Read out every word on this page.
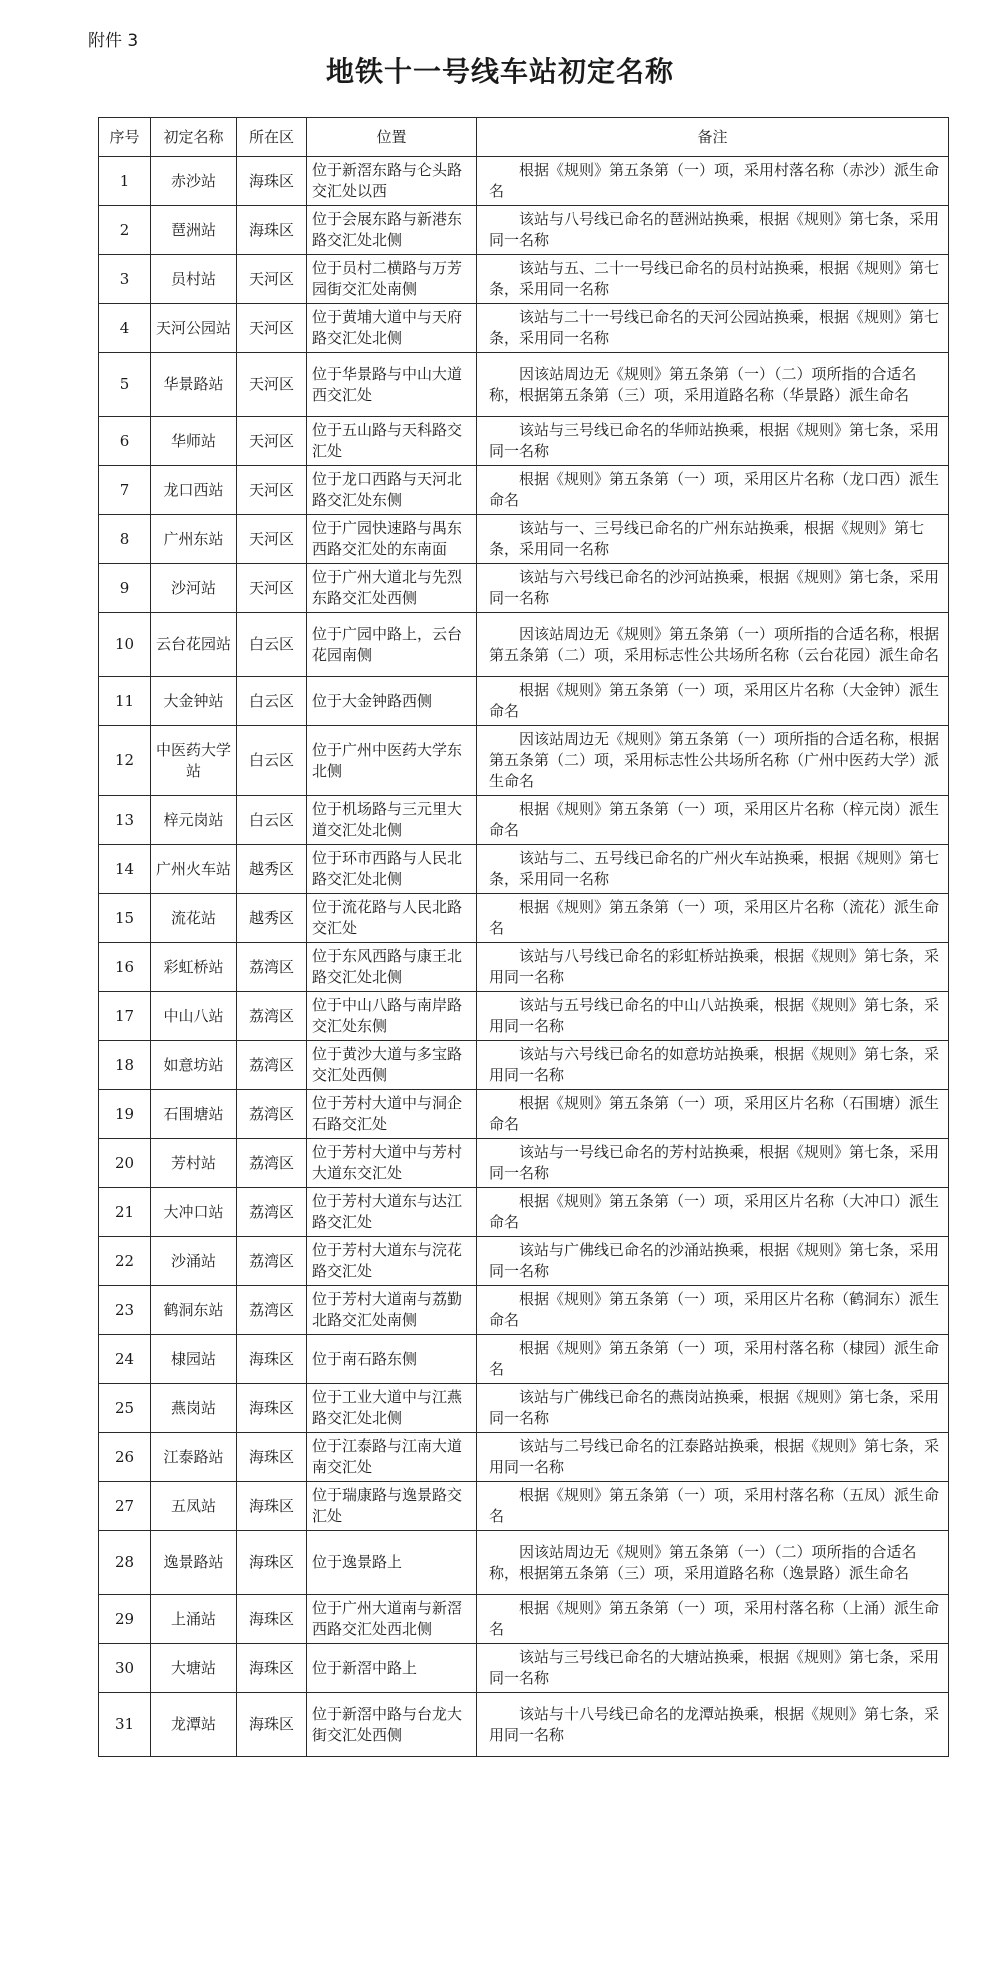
附件 3
地铁十一号线车站初定名称
序号	初定名称	所在区	位置	备注
1	赤沙站	海珠区	位于新滘东路与仑头路交汇处以西	根据《规则》第五条第（一）项，采用村落名称（赤沙）派生命名
2	琶洲站	海珠区	位于会展东路与新港东路交汇处北侧	该站与八号线已命名的琶洲站换乘，根据《规则》第七条，采用同一名称
3	员村站	天河区	位于员村二横路与万芳园街交汇处南侧	该站与五、二十一号线已命名的员村站换乘，根据《规则》第七条，采用同一名称
4	天河公园站	天河区	位于黄埔大道中与天府路交汇处北侧	该站与二十一号线已命名的天河公园站换乘，根据《规则》第七条，采用同一名称
5	华景路站	天河区	位于华景路与中山大道西交汇处	因该站周边无《规则》第五条第（一）（二）项所指的合适名称，根据第五条第（三）项，采用道路名称（华景路）派生命名
6	华师站	天河区	位于五山路与天科路交汇处	该站与三号线已命名的华师站换乘，根据《规则》第七条，采用同一名称
7	龙口西站	天河区	位于龙口西路与天河北路交汇处东侧	根据《规则》第五条第（一）项，采用区片名称（龙口西）派生命名
8	广州东站	天河区	位于广园快速路与禺东西路交汇处的东南面	该站与一、三号线已命名的广州东站换乘，根据《规则》第七条，采用同一名称
9	沙河站	天河区	位于广州大道北与先烈东路交汇处西侧	该站与六号线已命名的沙河站换乘，根据《规则》第七条，采用同一名称
10	云台花园站	白云区	位于广园中路上，云台花园南侧	因该站周边无《规则》第五条第（一）项所指的合适名称，根据第五条第（二）项，采用标志性公共场所名称（云台花园）派生命名
11	大金钟站	白云区	位于大金钟路西侧	根据《规则》第五条第（一）项，采用区片名称（大金钟）派生命名
12	中医药大学站	白云区	位于广州中医药大学东北侧	因该站周边无《规则》第五条第（一）项所指的合适名称，根据第五条第（二）项，采用标志性公共场所名称（广州中医药大学）派生命名
13	梓元岗站	白云区	位于机场路与三元里大道交汇处北侧	根据《规则》第五条第（一）项，采用区片名称（梓元岗）派生命名
14	广州火车站	越秀区	位于环市西路与人民北路交汇处北侧	该站与二、五号线已命名的广州火车站换乘，根据《规则》第七条，采用同一名称
15	流花站	越秀区	位于流花路与人民北路交汇处	根据《规则》第五条第（一）项，采用区片名称（流花）派生命名
16	彩虹桥站	荔湾区	位于东风西路与康王北路交汇处北侧	该站与八号线已命名的彩虹桥站换乘，根据《规则》第七条，采用同一名称
17	中山八站	荔湾区	位于中山八路与南岸路交汇处东侧	该站与五号线已命名的中山八站换乘，根据《规则》第七条，采用同一名称
18	如意坊站	荔湾区	位于黄沙大道与多宝路交汇处西侧	该站与六号线已命名的如意坊站换乘，根据《规则》第七条，采用同一名称
19	石围塘站	荔湾区	位于芳村大道中与洞企石路交汇处	根据《规则》第五条第（一）项，采用区片名称（石围塘）派生命名
20	芳村站	荔湾区	位于芳村大道中与芳村大道东交汇处	该站与一号线已命名的芳村站换乘，根据《规则》第七条，采用同一名称
21	大冲口站	荔湾区	位于芳村大道东与达江路交汇处	根据《规则》第五条第（一）项，采用区片名称（大冲口）派生命名
22	沙涌站	荔湾区	位于芳村大道东与浣花路交汇处	该站与广佛线已命名的沙涌站换乘，根据《规则》第七条，采用同一名称
23	鹤洞东站	荔湾区	位于芳村大道南与荔勤北路交汇处南侧	根据《规则》第五条第（一）项，采用区片名称（鹤洞东）派生命名
24	棣园站	海珠区	位于南石路东侧	根据《规则》第五条第（一）项，采用村落名称（棣园）派生命名
25	燕岗站	海珠区	位于工业大道中与江燕路交汇处北侧	该站与广佛线已命名的燕岗站换乘，根据《规则》第七条，采用同一名称
26	江泰路站	海珠区	位于江泰路与江南大道南交汇处	该站与二号线已命名的江泰路站换乘，根据《规则》第七条，采用同一名称
27	五凤站	海珠区	位于瑞康路与逸景路交汇处	根据《规则》第五条第（一）项，采用村落名称（五凤）派生命名
28	逸景路站	海珠区	位于逸景路上	因该站周边无《规则》第五条第（一）（二）项所指的合适名称，根据第五条第（三）项，采用道路名称（逸景路）派生命名
29	上涌站	海珠区	位于广州大道南与新滘西路交汇处西北侧	根据《规则》第五条第（一）项，采用村落名称（上涌）派生命名
30	大塘站	海珠区	位于新滘中路上	该站与三号线已命名的大塘站换乘，根据《规则》第七条，采用同一名称
31	龙潭站	海珠区	位于新滘中路与台龙大街交汇处西侧	该站与十八号线已命名的龙潭站换乘，根据《规则》第七条，采用同一名称
